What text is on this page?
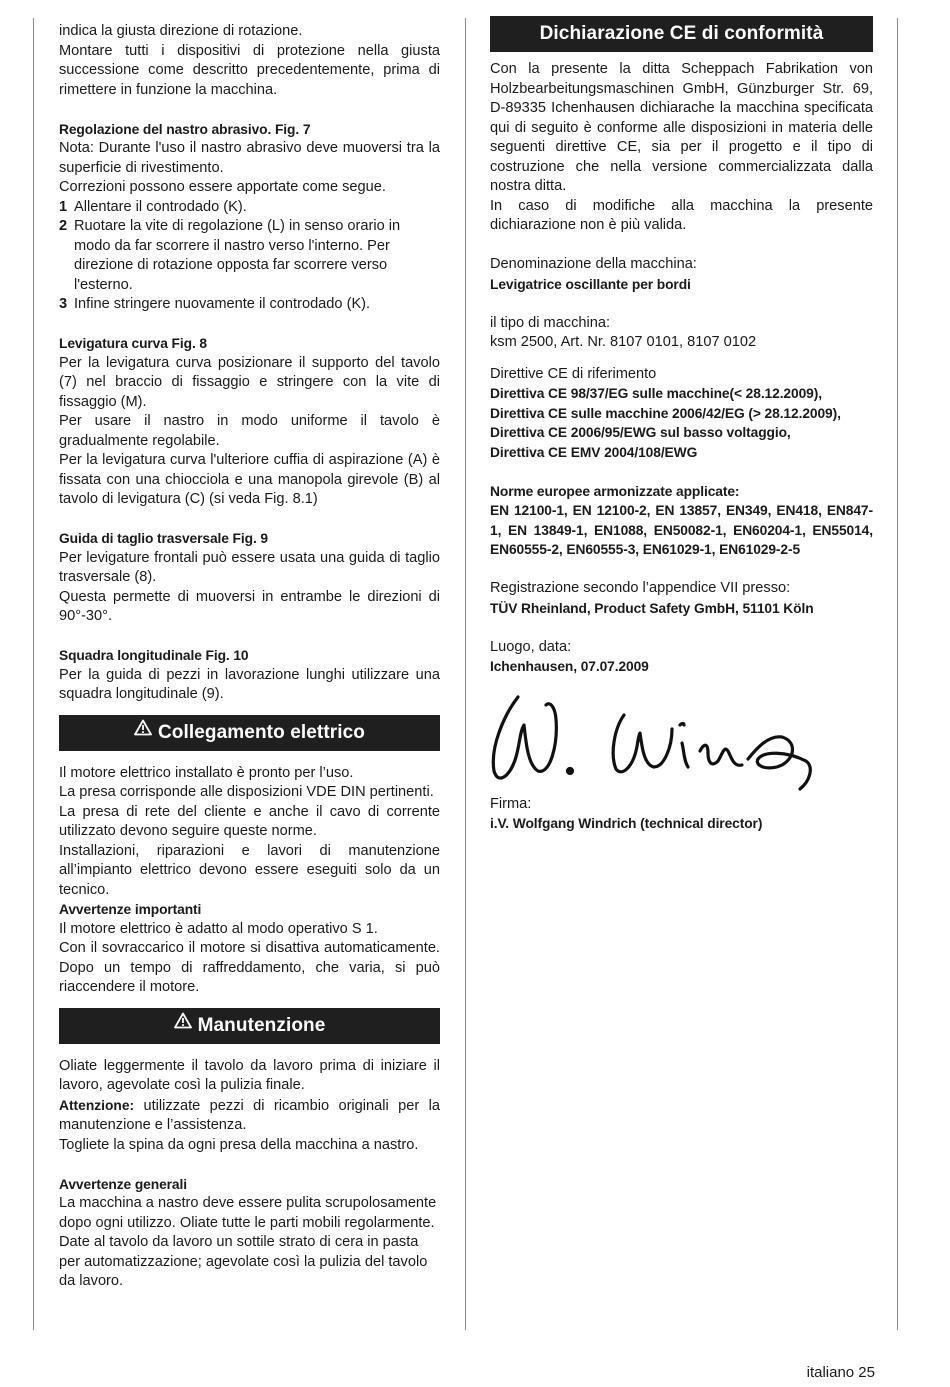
indica la giusta direzione di rotazione.

Montare tutti i dispositivi di protezione nella giusta successione come descritto precedentemente, prima di rimettere in funzione la macchina.

Regolazione del nastro abrasivo. Fig. 7

Nota: Durante l'uso il nastro abrasivo deve muoversi tra la superficie di rivestimento.

Correzioni possono essere apportate come segue.

1 Allentare il controdado (K).
2 Ruotare la vite di regolazione (L) in senso orario in modo da far scorrere il nastro verso l'interno. Per direzione di rotazione opposta far scorrere verso l'esterno.
3 Infine stringere nuovamente il controdado (K).

Levigatura curva Fig. 8

Per la levigatura curva posizionare il supporto del tavolo (7) nel braccio di fissaggio e stringere con la vite di fissaggio (M).

Per usare il nastro in modo uniforme il tavolo è gradualmente regolabile.

Per la levigatura curva l'ulteriore cuffia di aspirazione (A) è fissata con una chiocciola e una manopola girevole (B) al tavolo di levigatura (C) (si veda Fig. 8.1)

Guida di taglio trasversale Fig. 9

Per levigature frontali può essere usata una guida di taglio trasversale (8).

Questa permette di muoversi in entrambe le direzioni di 90°-30°.

Squadra longitudinale Fig. 10

Per la guida di pezzi in lavorazione lunghi utilizzare una squadra longitudinale (9).

Collegamento elettrico

Il motore elettrico installato è pronto per l’uso.

La presa corrisponde alle disposizioni VDE DIN pertinenti.

La presa di rete del cliente e anche il cavo di corrente utilizzato devono seguire queste norme.

Installazioni, riparazioni e lavori di manutenzione all’impianto elettrico devono essere eseguiti solo da un tecnico.

Avvertenze importanti

Il motore elettrico è adatto al modo operativo S 1.

Con il sovraccarico il motore si disattiva automaticamente. Dopo un tempo di raffreddamento, che varia, si può riaccendere il motore.

Manutenzione

Oliate leggermente il tavolo da lavoro prima di iniziare il lavoro, agevolate così la pulizia finale.

Attenzione: utilizzate pezzi di ricambio originali per la manutenzione e l’assistenza.

Togliete la spina da ogni presa della macchina a nastro.

Avvertenze generali

La macchina a nastro deve essere pulita scrupolosamente dopo ogni utilizzo. Oliate tutte le parti mobili regolarmente. Date al tavolo da lavoro un sottile strato di cera in pasta per automatizzazione; agevolate così la pulizia del tavolo da lavoro.

Dichiarazione CE di conformità

Con la presente la ditta Scheppach Fabrikation von Holzbearbeitungsmaschinen GmbH, Günzburger Str. 69, D-89335 Ichenhausen dichiarache la macchina specificata qui di seguito è conforme alle disposizioni in materia delle seguenti direttive CE, sia per il progetto e il tipo di costruzione che nella versione commercializzata dalla nostra ditta.

In caso di modifiche alla macchina la presente dichiarazione non è più valida.

Denominazione della macchina:

Levigatrice oscillante per bordi

il tipo di macchina:

ksm 2500, Art. Nr. 8107 0101, 8107 0102

Direttive CE di riferimento

Direttiva CE 98/37/EG sulle macchine(< 28.12.2009),

Direttiva CE sulle macchine 2006/42/EG (> 28.12.2009),

Direttiva CE 2006/95/EWG sul basso voltaggio,

Direttiva CE EMV 2004/108/EWG

Norme europee armonizzate applicate:

EN 12100-1, EN 12100-2, EN 13857, EN349, EN418, EN847-1, EN 13849-1, EN1088, EN50082-1, EN60204-1, EN55014, EN60555-2, EN60555-3, EN61029-1, EN61029-2-5

Registrazione secondo l’appendice VII presso:

TÜV Rheinland, Product Safety GmbH, 51101 Köln

Luogo, data:

Ichenhausen, 07.07.2009

Firma:

i.V. Wolfgang Windrich (technical director)

italiano 25
